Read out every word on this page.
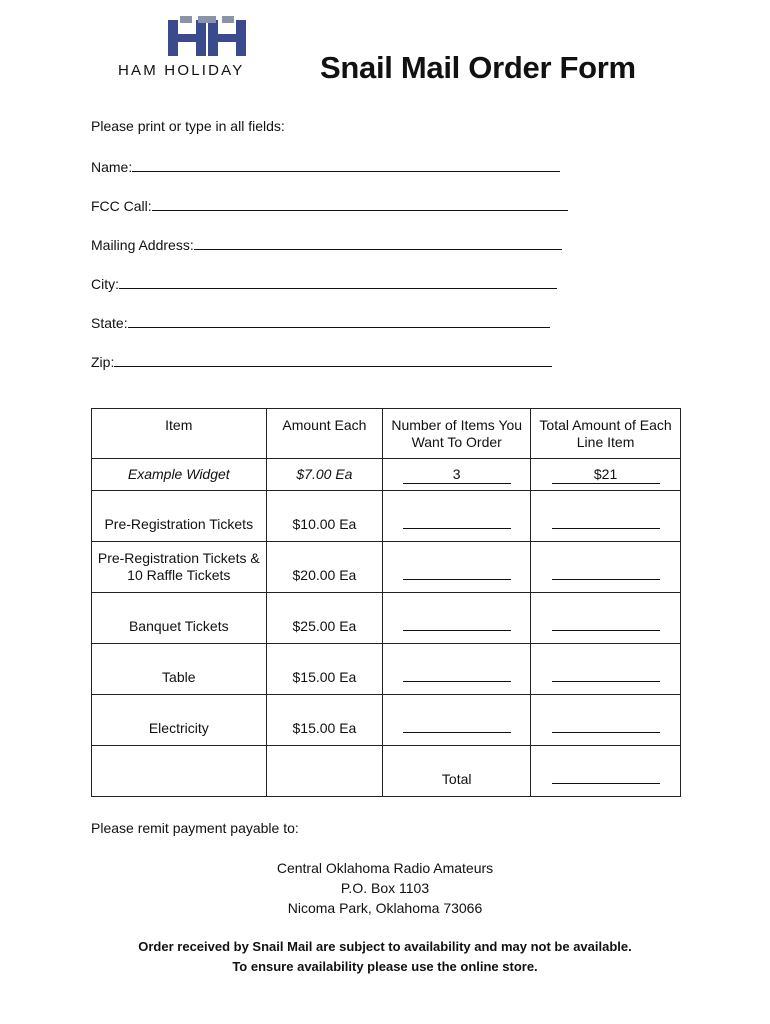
HAM HOLIDAY	Snail Mail Order Form
Please print or type in all fields:
Name:
FCC Call:
Mailing Address:
City:
State:
Zip:
Item	Amount Each	Number of Items You Want To Order	Total Amount of Each Line Item
Example Widget	$7.00 Ea	3	$21
Pre-Registration Tickets	$10.00 Ea		
Pre-Registration Tickets & 10 Raffle Tickets	$20.00 Ea		
Banquet Tickets	$25.00 Ea		
Table	$15.00 Ea		
Electricity	$15.00 Ea		
		Total	
Please remit payment payable to:
Central Oklahoma Radio Amateurs
P.O. Box 1103
Nicoma Park, Oklahoma 73066
Order received by Snail Mail are subject to availability and may not be available.
To ensure availability please use the online store.
